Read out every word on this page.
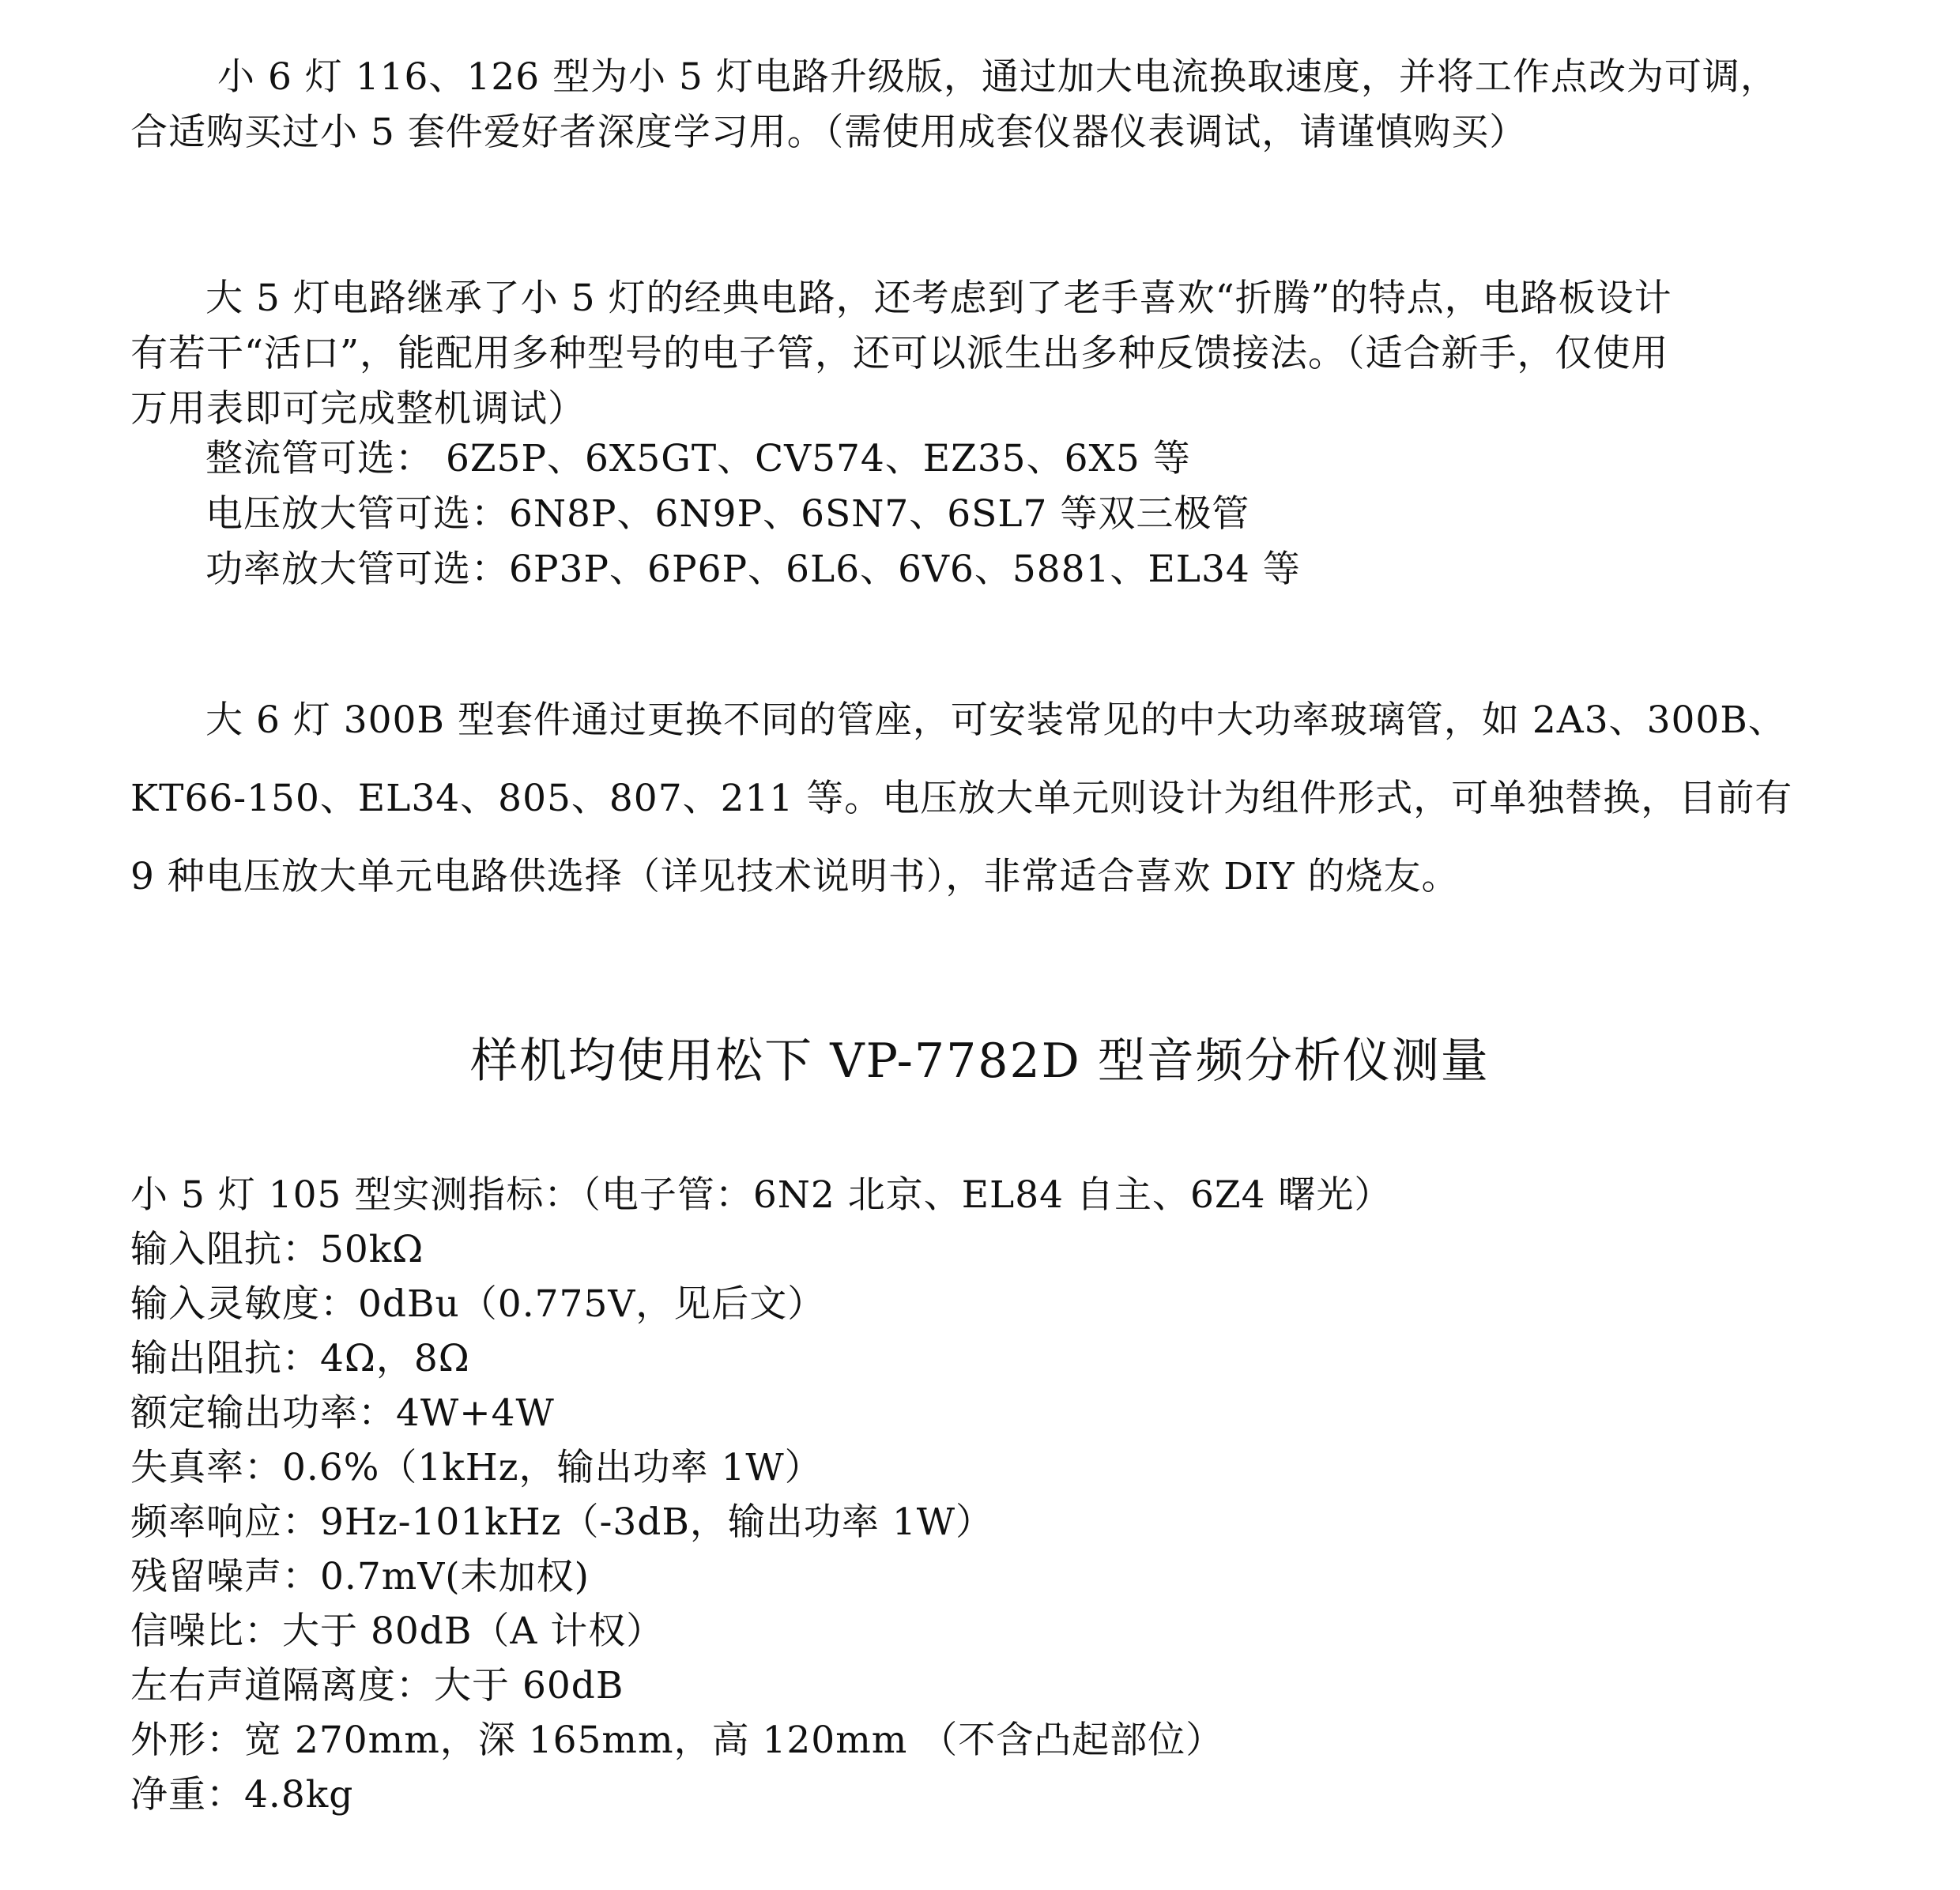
小 6 灯 116、126 型为小 5 灯电路升级版，通过加大电流换取速度，并将工作点改为可调，
合适购买过小 5 套件爱好者深度学习用。（需使用成套仪器仪表调试，请谨慎购买）
大 5 灯电路继承了小 5 灯的经典电路，还考虑到了老手喜欢“折腾”的特点，电路板设计
有若干“活口”，能配用多种型号的电子管，还可以派生出多种反馈接法。（适合新手，仅使用
万用表即可完成整机调试）
整流管可选： 6Z5P、6X5GT、CV574、EZ35、6X5 等
电压放大管可选：6N8P、6N9P、6SN7、6SL7 等双三极管
功率放大管可选：6P3P、6P6P、6L6、6V6、5881、EL34 等
大 6 灯 300B 型套件通过更换不同的管座，可安装常见的中大功率玻璃管，如 2A3、300B、
KT66-150、EL34、805、807、211 等。电压放大单元则设计为组件形式，可单独替换，目前有
9 种电压放大单元电路供选择（详见技术说明书），非常适合喜欢 DIY 的烧友。
样机均使用松下 VP-7782D 型音频分析仪测量
小 5 灯 105 型实测指标：（电子管：6N2 北京、EL84 自主、6Z4 曙光）
输入阻抗：50kΩ
输入灵敏度：0dBu（0.775V，见后文）
输出阻抗：4Ω，8Ω
额定输出功率：4W+4W
失真率：0.6%（1kHz，输出功率 1W）
频率响应：9Hz-101kHz（-3dB，输出功率 1W）
残留噪声：0.7mV(未加权)
信噪比：大于 80dB（A 计权）
左右声道隔离度：大于 60dB
外形：宽 270mm，深 165mm，高 120mm （不含凸起部位）
净重：4.8kg
